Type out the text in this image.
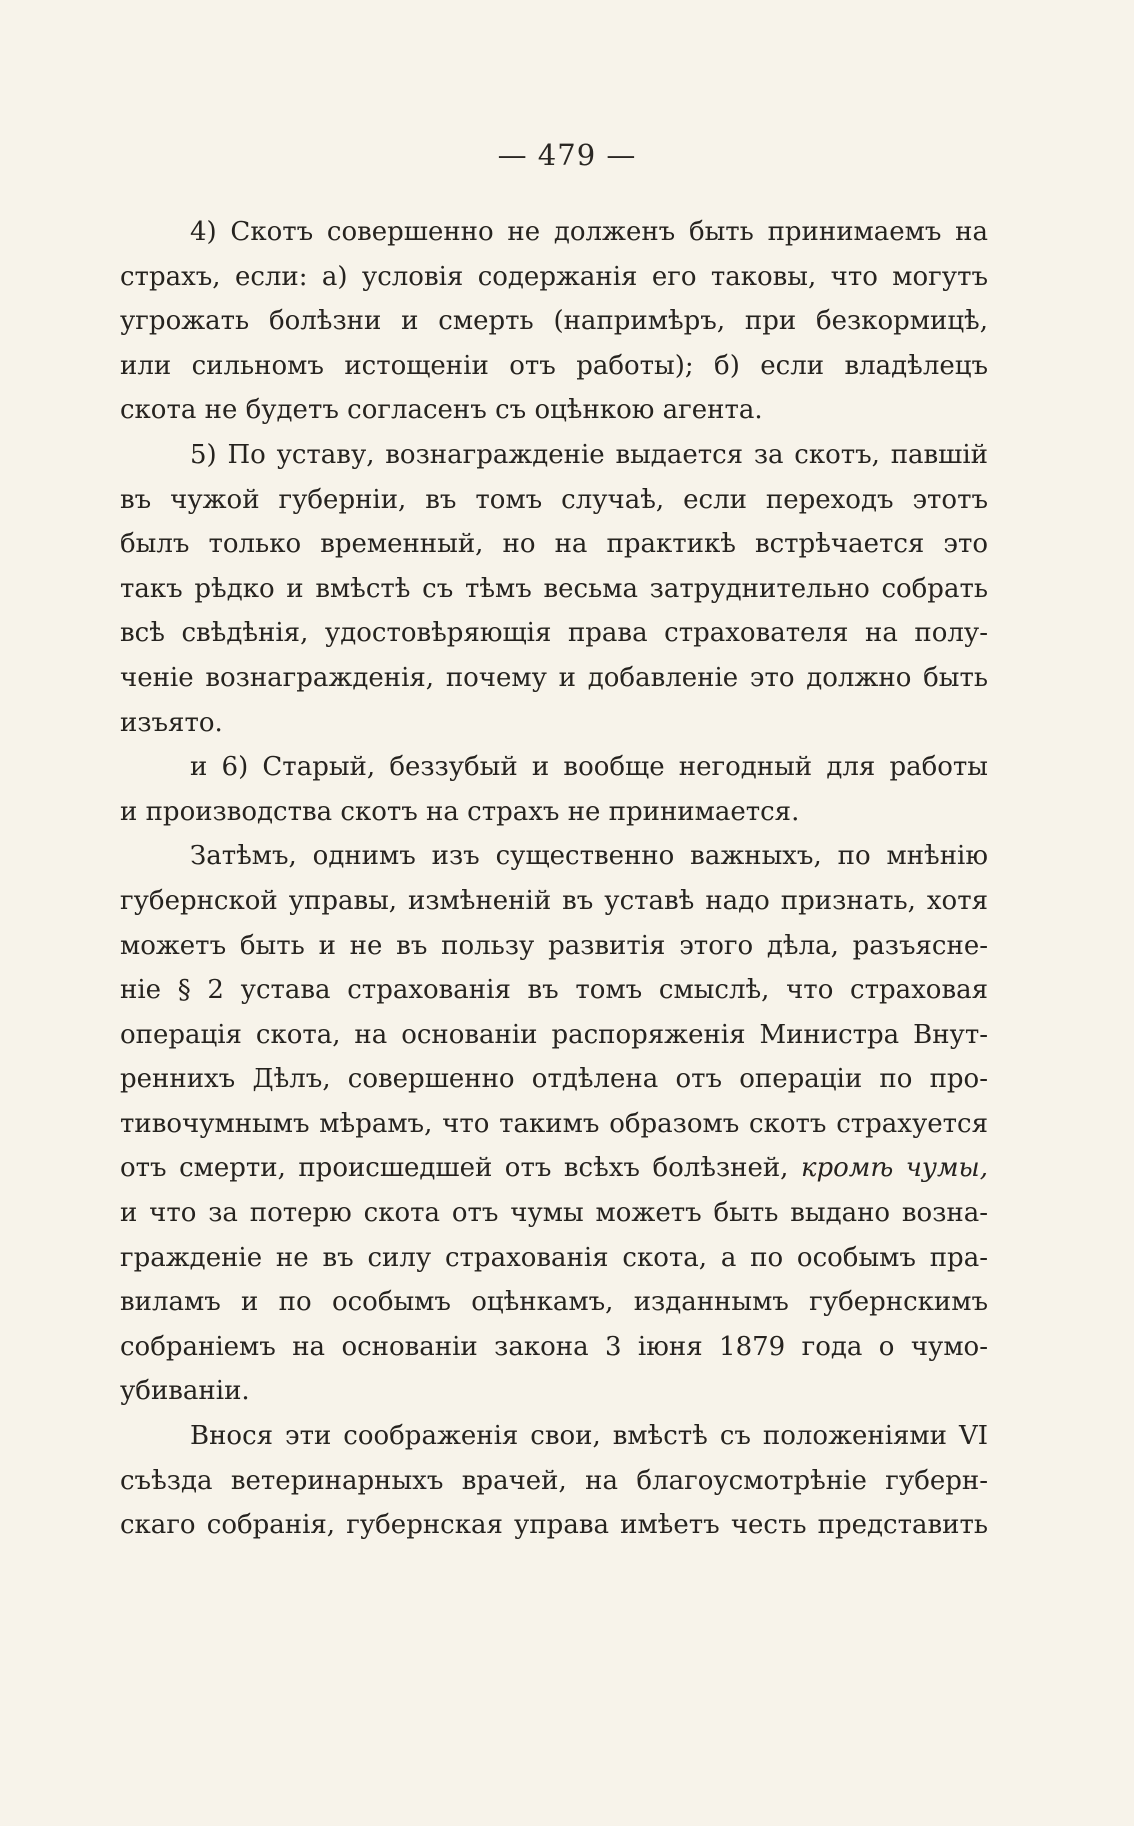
— 479 —
4) Скотъ совершенно не долженъ быть принимаемъ на
страхъ, если: а) условія содержанія его таковы, что могутъ
угрожать болѣзни и смерть (напримѣръ, при безкормицѣ,
или сильномъ истощеніи отъ работы); б) если владѣлецъ
скота не будетъ согласенъ съ оцѣнкою агента.
5) По уставу, вознагражденіе выдается за скотъ, павшій
въ чужой губерніи, въ томъ случаѣ, если переходъ этотъ
былъ только временный, но на практикѣ встрѣчается это
такъ рѣдко и вмѣстѣ съ тѣмъ весьма затруднительно собрать
всѣ свѣдѣнія, удостовѣряющія права страхователя на полу-
ченіе вознагражденія, почему и добавленіе это должно быть
изъято.
и 6) Старый, беззубый и вообще негодный для работы
и производства скотъ на страхъ не принимается.
Затѣмъ, однимъ изъ существенно важныхъ, по мнѣнію
губернской управы, измѣненій въ уставѣ надо признать, хотя
можетъ быть и не въ пользу развитія этого дѣла, разъясне-
ніе § 2 устава страхованія въ томъ смыслѣ, что страховая
операція скота, на основаніи распоряженія Министра Внут-
реннихъ Дѣлъ, совершенно отдѣлена отъ операціи по про-
тивочумнымъ мѣрамъ, что такимъ образомъ скотъ страхуется
отъ смерти, происшедшей отъ всѣхъ болѣзней, кромѣ чумы,
и что за потерю скота отъ чумы можетъ быть выдано возна-
гражденіе не въ силу страхованія скота, а по особымъ пра-
виламъ и по особымъ оцѣнкамъ, изданнымъ губернскимъ
собраніемъ на основаніи закона 3 іюня 1879 года о чумо-
убиваніи.
Внося эти соображенія свои, вмѣстѣ съ положеніями VI
съѣзда ветеринарныхъ врачей, на благоусмотрѣніе губерн-
скаго собранія, губернская управа имѣетъ честь представить
